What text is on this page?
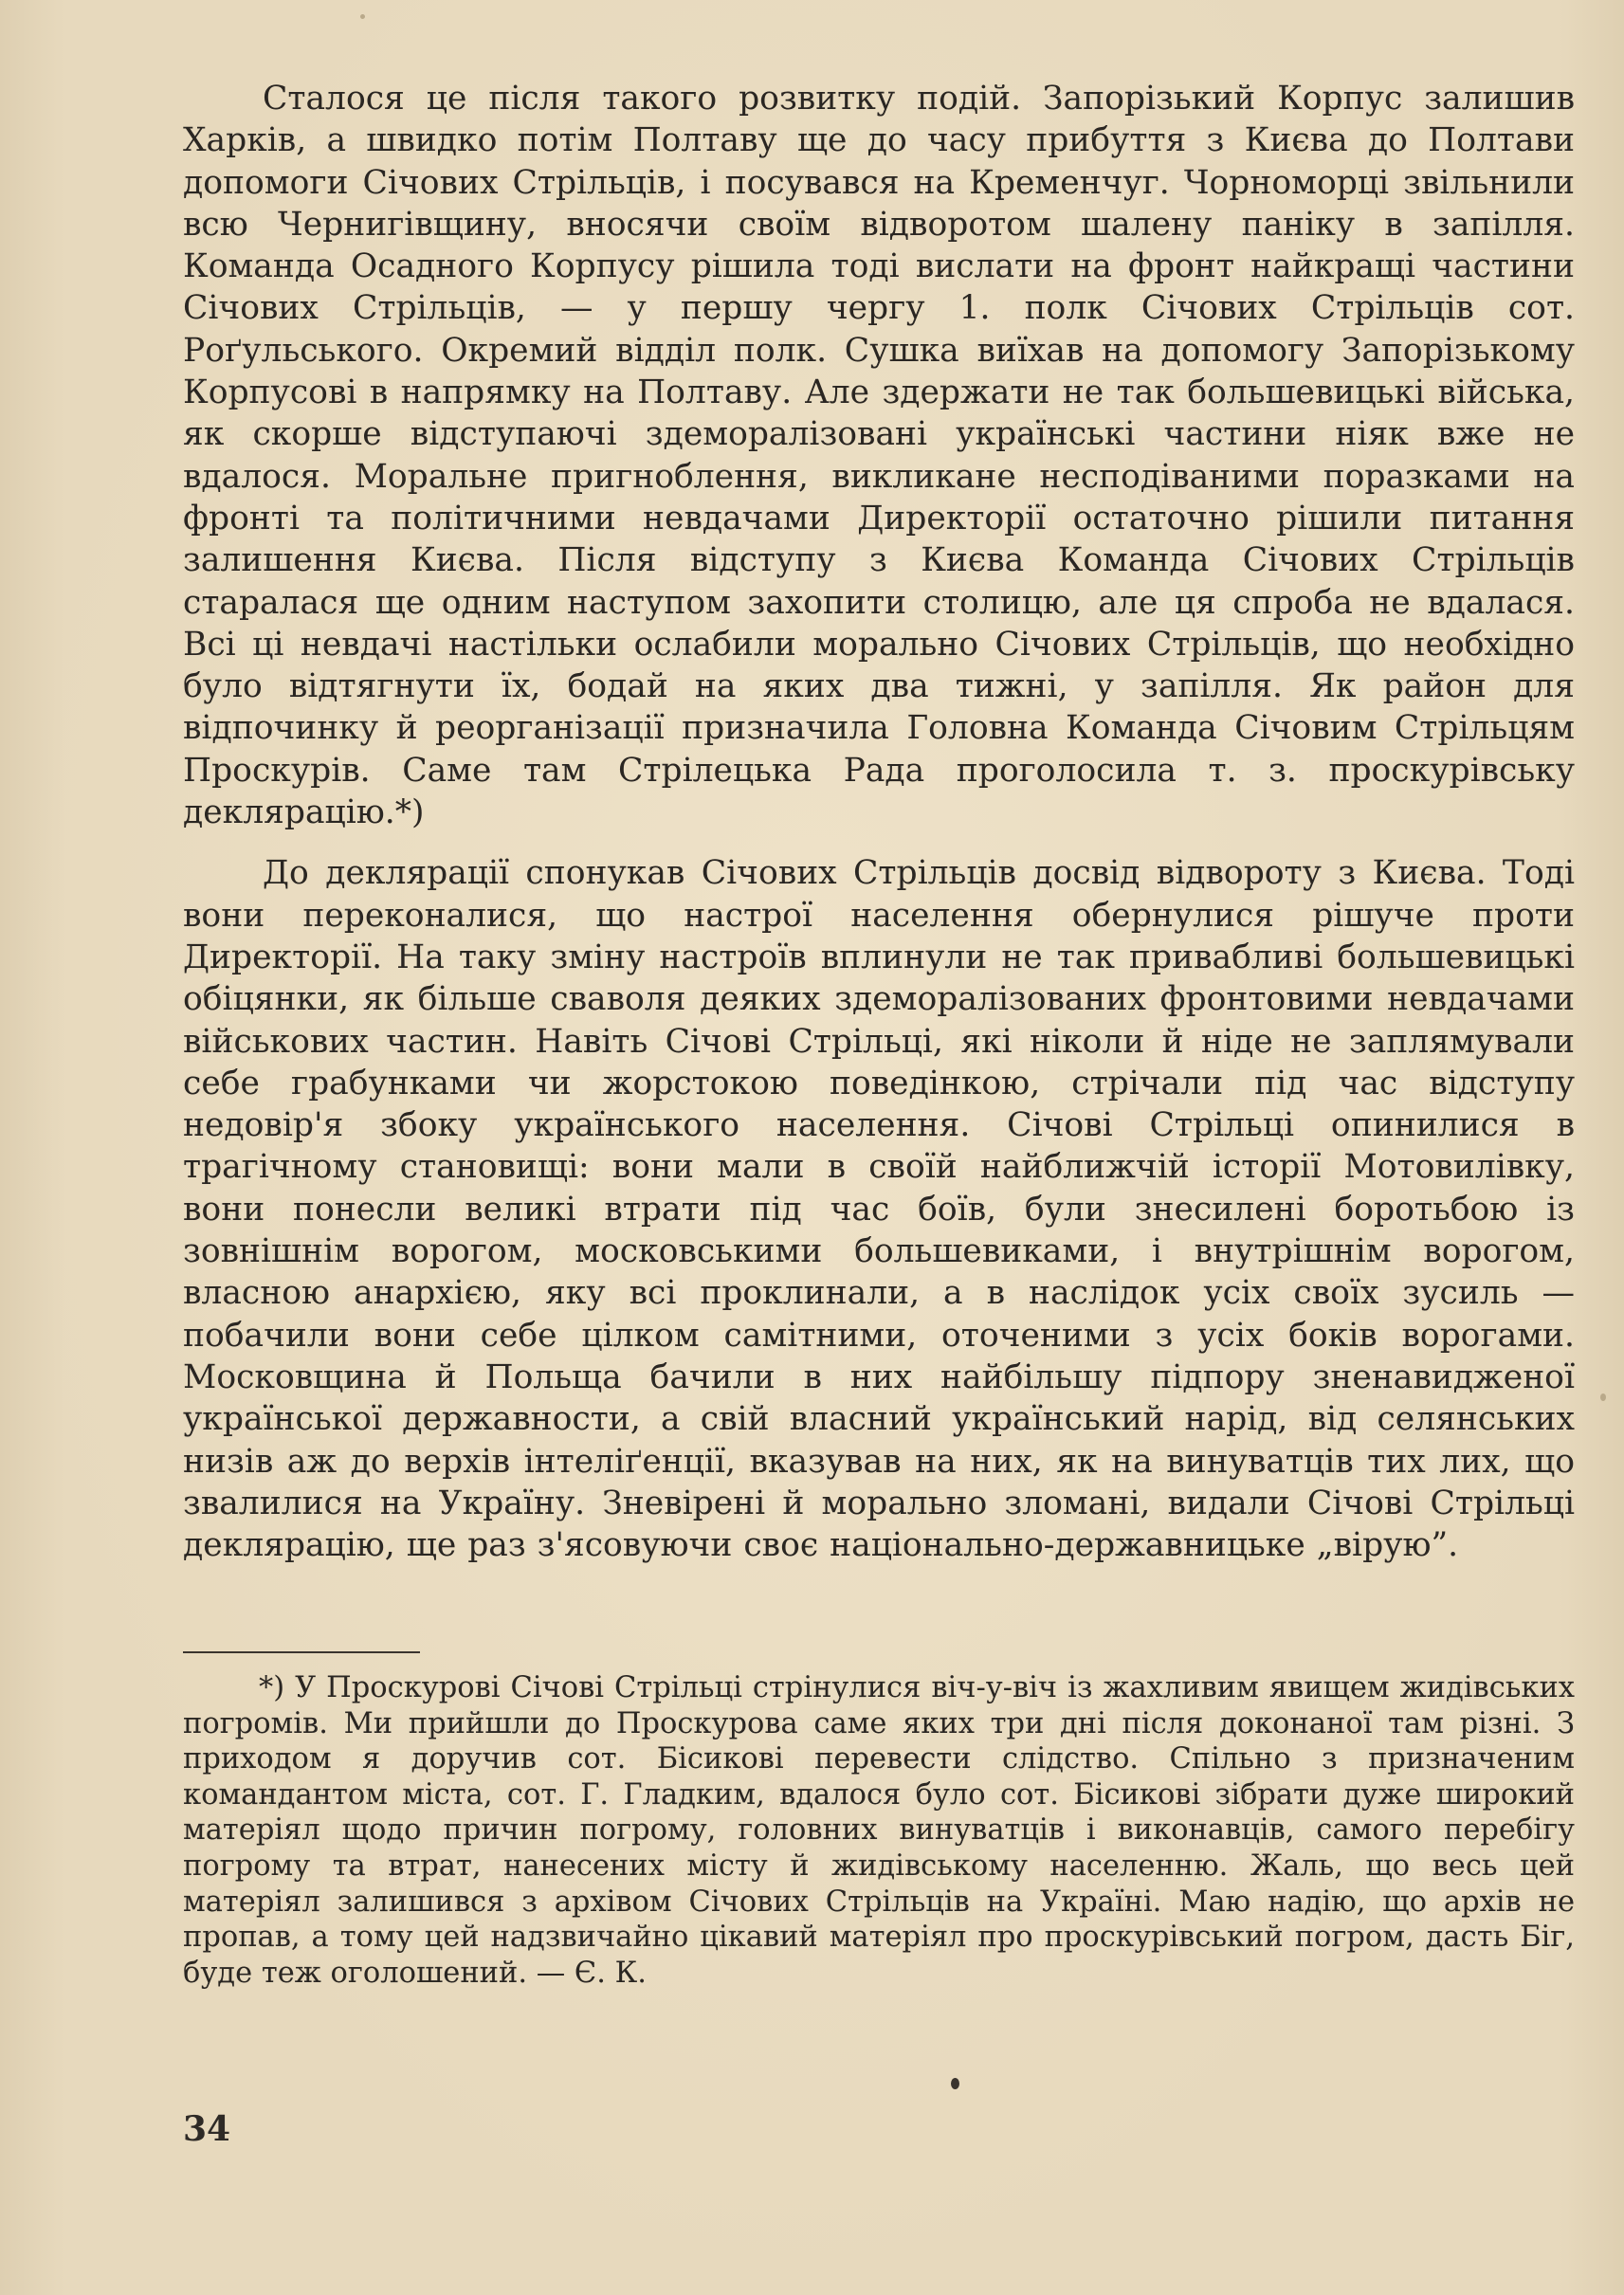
Сталося це після такого розвитку подій. Запорізький Корпус залишив Харків, а швидко потім Полтаву ще до часу прибуття з Києва до Полтави допомоги Січових Стрільців, і посувався на Кременчуг. Чорноморці звільнили всю Чернигівщину, вносячи своїм відворотом шалену паніку в запілля. Команда Осадного Корпусу рішила тоді вислати на фронт найкращі частини Січових Стрільців, — у першу чергу 1. полк Січових Стрільців сот. Роґульського. Окремий відділ полк. Сушка виїхав на допомогу Запорізькому Корпусові в напрямку на Полтаву. Але здержати не так большевицькі війська, як скорше відступаючі здеморалізовані українські частини ніяк вже не вдалося. Моральне пригноблення, викликане несподіваними поразками на фронті та політичними невдачами Директорії остаточно рішили питання залишення Києва. Після відступу з Києва Команда Січових Стрільців старалася ще одним наступом захопити столицю, але ця спроба не вдалася. Всі ці невдачі настільки ослабили морально Січових Стрільців, що необхідно було відтягнути їх, бодай на яких два тижні, у запілля. Як район для відпочинку й реорганізації призначила Головна Команда Січовим Стрільцям Проскурів. Саме там Стрілецька Рада проголосила т. з. проскурівську декляpацію.*)

До декляpації спонукав Січових Стрільців досвід відвороту з Києва. Тоді вони переконалися, що настрої населення обернулися рішуче проти Директорії. На таку зміну настроїв вплинули не так привабливі большевицькі обіцянки, як більше сваволя деяких здеморалізованих фронтовими невдачами військових частин. Навіть Січові Стрільці, які ніколи й ніде не заплямували себе грабунками чи жорстокою поведінкою, стрічали під час відступу недовір'я збоку українського населення. Січові Стрільці опинилися в трагічному становищі: вони мали в своїй найближчій історії Мотовилівку, вони понесли великі втрати під час боїв, були знесилені боротьбою із зовнішнім ворогом, московськими большевиками, і внутрішнім ворогом, власною анархією, яку всі проклинали, а в наслідок усіх своїх зусиль — побачили вони себе цілком самітними, оточеними з усіх боків ворогами. Московщина й Польща бачили в них найбільшу підпору зненавидженої української державности, а свій власний український нарід, від селянських низів аж до верхів інтеліґенції, вказував на них, як на винуватців тих лих, що звалилися на Україну. Зневірені й морально зломані, видали Січові Стрільці декляpацію, ще раз з'ясовуючи своє національно-державницьке „вірую”.

*) У Проскурові Січові Стрільці стрінулися віч-у-віч із жахливим явищем жидівських погромів. Ми прийшли до Проскурова саме яких три дні після доконаної там різні. З приходом я доручив сот. Бісикові перевести слідство. Спільно з призначеним командантом міста, сот. Г. Гладким, вдалося було сот. Бісикові зібрати дуже широкий матеріял щодо причин погрому, головних винуватців і виконавців, самого перебігу погрому та втрат, нанесених місту й жидівському населенню. Жаль, що весь цей матеріял залишився з архівом Січових Стрільців на Україні. Маю надію, що архів не пропав, а тому цей надзвичайно цікавий матеріял про проскурівський погром, дасть Біг, буде теж оголошений. — Є. К.

34
